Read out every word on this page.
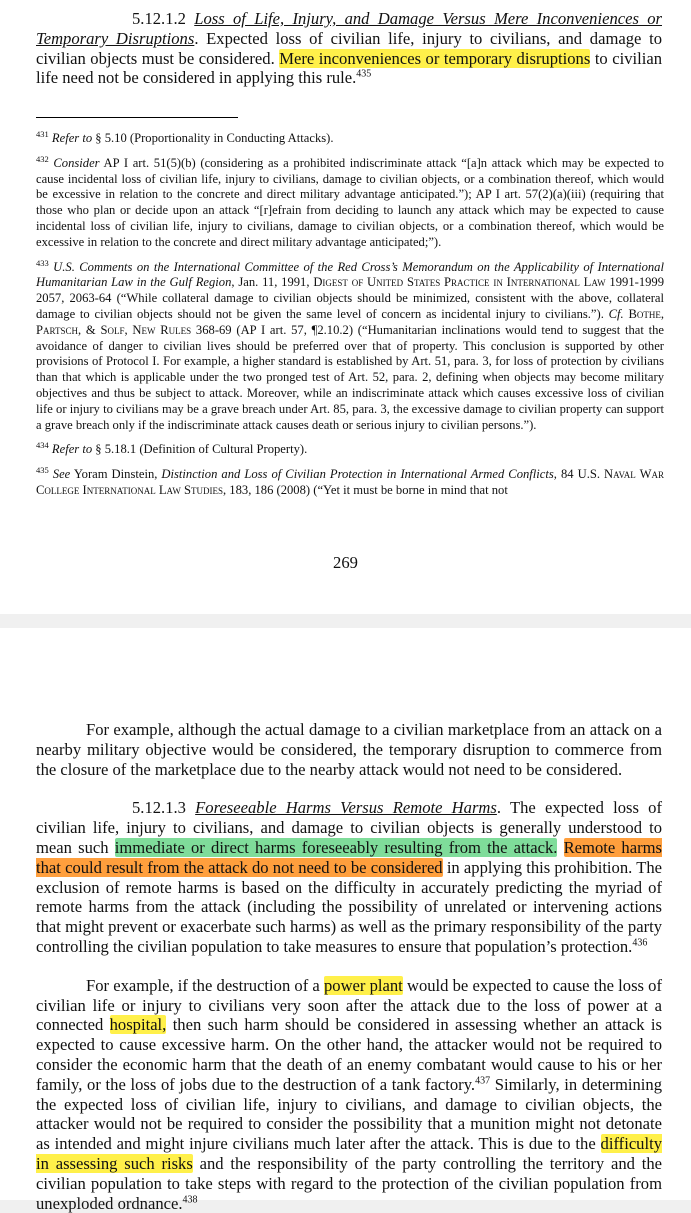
5.12.1.2 Loss of Life, Injury, and Damage Versus Mere Inconveniences or Temporary Disruptions. Expected loss of civilian life, injury to civilians, and damage to civilian objects must be considered. Mere inconveniences or temporary disruptions to civilian life need not be considered in applying this rule.$^{435}$

$^{431}$ Refer to § 5.10 (Proportionality in Conducting Attacks).

$^{432}$ Consider AP I art. 51(5)(b) (considering as a prohibited indiscriminate attack “[a]n attack which may be expected to cause incidental loss of civilian life, injury to civilians, damage to civilian objects, or a combination thereof, which would be excessive in relation to the concrete and direct military advantage anticipated.”); AP I art. 57(2)(a)(iii) (requiring that those who plan or decide upon an attack “[r]efrain from deciding to launch any attack which may be expected to cause incidental loss of civilian life, injury to civilians, damage to civilian objects, or a combination thereof, which would be excessive in relation to the concrete and direct military advantage anticipated;”).

$^{433}$ U.S. Comments on the International Committee of the Red Cross’s Memorandum on the Applicability of International Humanitarian Law in the Gulf Region, Jan. 11, 1991, Digest of United States Practice in International Law 1991-1999 2057, 2063-64 (“While collateral damage to civilian objects should be minimized, consistent with the above, collateral damage to civilian objects should not be given the same level of concern as incidental injury to civilians.”). Cf. Bothe, Partsch, & Solf, New Rules 368-69 (AP I art. 57, ¶2.10.2) (“Humanitarian inclinations would tend to suggest that the avoidance of danger to civilian lives should be preferred over that of property. This conclusion is supported by other provisions of Protocol I. For example, a higher standard is established by Art. 51, para. 3, for loss of protection by civilians than that which is applicable under the two pronged test of Art. 52, para. 2, defining when objects may become military objectives and thus be subject to attack. Moreover, while an indiscriminate attack which causes excessive loss of civilian life or injury to civilians may be a grave breach under Art. 85, para. 3, the excessive damage to civilian property can support a grave breach only if the indiscriminate attack causes death or serious injury to civilian persons.”).

$^{434}$ Refer to § 5.18.1 (Definition of Cultural Property).

$^{435}$ See Yoram Dinstein, Distinction and Loss of Civilian Protection in International Armed Conflicts, 84 U.S. Naval War College International Law Studies, 183, 186 (2008) (“Yet it must be borne in mind that not

269

For example, although the actual damage to a civilian marketplace from an attack on a nearby military objective would be considered, the temporary disruption to commerce from the closure of the marketplace due to the nearby attack would not need to be considered.

5.12.1.3 Foreseeable Harms Versus Remote Harms. The expected loss of civilian life, injury to civilians, and damage to civilian objects is generally understood to mean such immediate or direct harms foreseeably resulting from the attack. Remote harms that could result from the attack do not need to be considered in applying this prohibition. The exclusion of remote harms is based on the difficulty in accurately predicting the myriad of remote harms from the attack (including the possibility of unrelated or intervening actions that might prevent or exacerbate such harms) as well as the primary responsibility of the party controlling the civilian population to take measures to ensure that population’s protection.$^{436}$

For example, if the destruction of a power plant would be expected to cause the loss of civilian life or injury to civilians very soon after the attack due to the loss of power at a connected hospital, then such harm should be considered in assessing whether an attack is expected to cause excessive harm. On the other hand, the attacker would not be required to consider the economic harm that the death of an enemy combatant would cause to his or her family, or the loss of jobs due to the destruction of a tank factory.$^{437}$ Similarly, in determining the expected loss of civilian life, injury to civilians, and damage to civilian objects, the attacker would not be required to consider the possibility that a munition might not detonate as intended and might injure civilians much later after the attack. This is due to the difficulty in assessing such risks and the responsibility of the party controlling the territory and the civilian population to take steps with regard to the protection of the civilian population from unexploded ordnance.$^{438}$
